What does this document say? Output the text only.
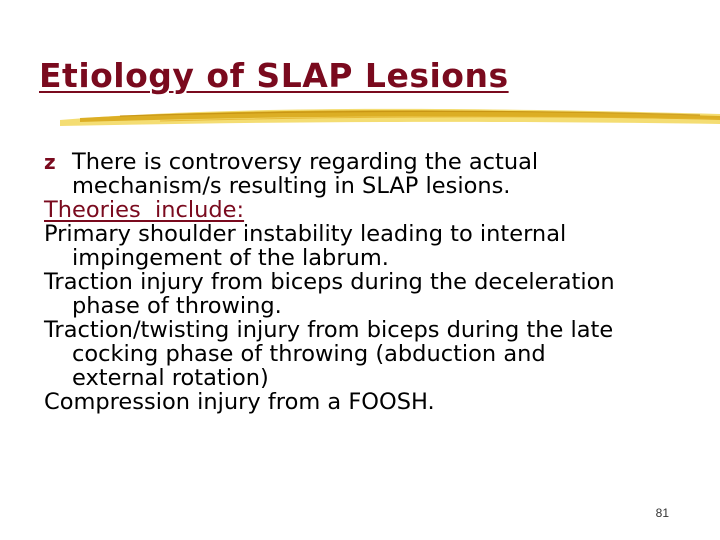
Etiology of SLAP Lesions

z There is controversy regarding the actual
mechanism/s resulting in SLAP lesions.

Theories  include:

Primary shoulder instability leading to internal
impingement of the labrum.

Traction injury from biceps during the deceleration
phase of throwing.

Traction/twisting injury from biceps during the late
cocking phase of throwing (abduction and
external rotation)

Compression injury from a FOOSH.

81
